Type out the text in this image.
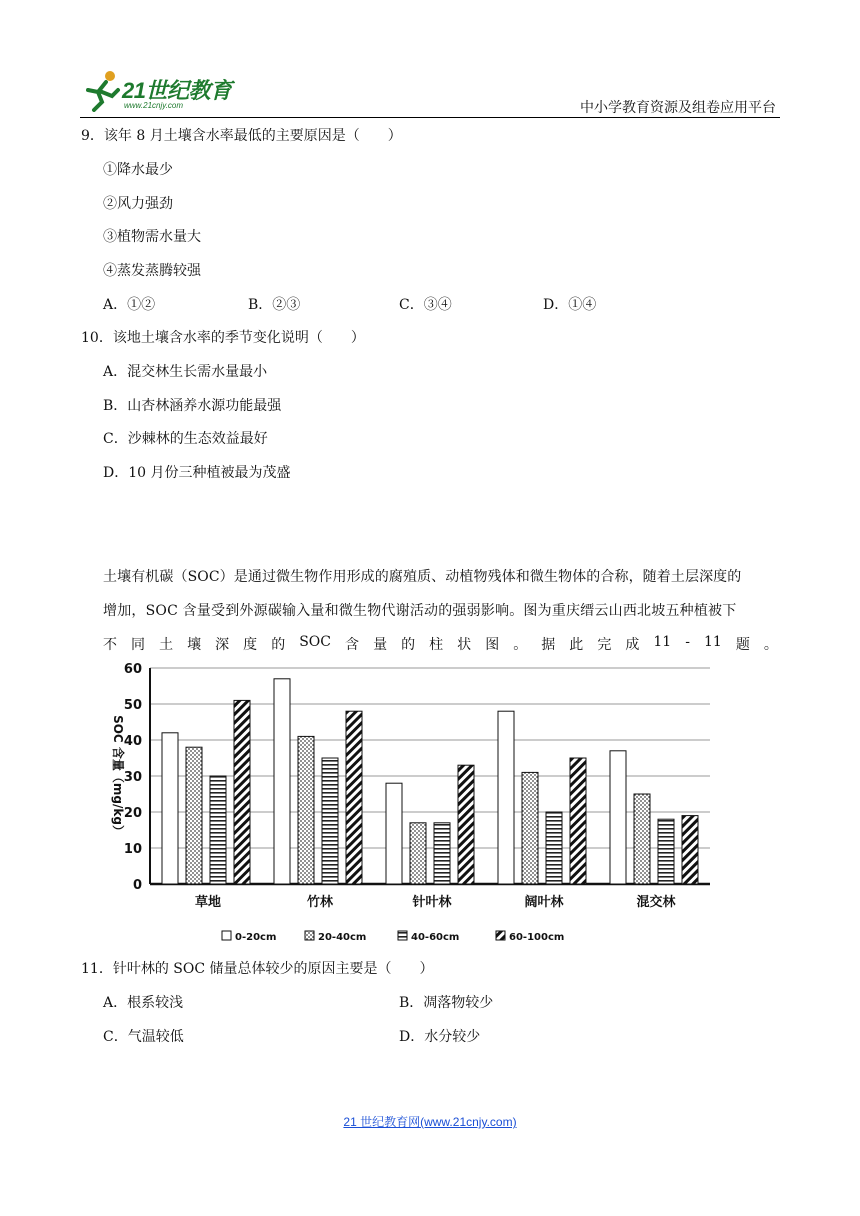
21世纪教育
www.21cnjy.com	中小学教育资源及组卷应用平台
9．该年 8 月土壤含水率最低的主要原因是（　　）
①降水最少
②风力强劲
③植物需水量大
④蒸发蒸腾较强
A．①②	B．②③	C．③④	D．①④
10．该地土壤含水率的季节变化说明（　　）
A．混交林生长需水量最小
B．山杏林涵养水源功能最强
C．沙棘林的生态效益最好
D．10 月份三种植被最为茂盛
土壤有机碳（SOC）是通过微生物作用形成的腐殖质、动植物残体和微生物体的合称，随着土层深度的
增加，SOC 含量受到外源碳输入量和微生物代谢活动的强弱影响。图为重庆缙云山西北坡五种植被下
不 同 土 壤 深 度 的 SOC 含 量 的 柱 状 图 。 据 此 完 成 11 - 11 题 。
0
10
20
30
40
50
60
SOC 含量（mg/kg）
草地	竹林	针叶林	阔叶林	混交林
0-20cm	20-40cm	40-60cm	60-100cm
11．针叶林的 SOC 储量总体较少的原因主要是（　　）
A．根系较浅	B．凋落物较少
C．气温较低	D．水分较少
21 世纪教育网(www.21cnjy.com)
